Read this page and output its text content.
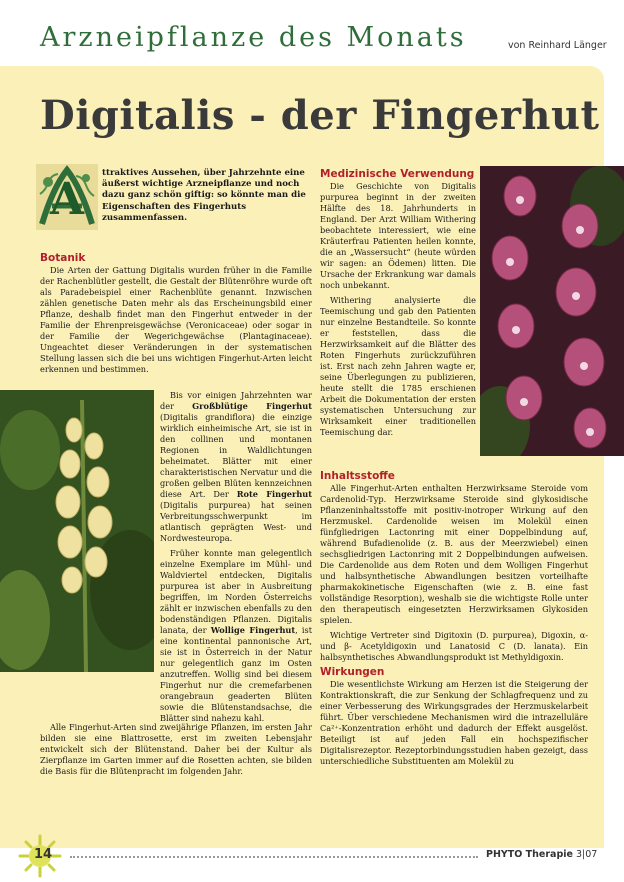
Arzneipflanze des Monats	von Reinhard Länger
Digitalis - der Fingerhut
A
ttraktives Aussehen, über Jahrzehnte eine äußerst wichtige Arzneipflanze und noch dazu ganz schön giftig: so könnte man die Eigenschaften des Fingerhuts zusammenfassen.
Botanik

Die Arten der Gattung Digitalis wurden früher in die Familie der Rachenblütler gestellt, die Gestalt der Blütenröhre wurde oft als Paradebeispiel einer Rachenblüte genannt. Inzwischen zählen genetische Daten mehr als das Erscheinungsbild einer Pflanze, deshalb findet man den Fingerhut entweder in der Familie der Ehrenpreisgewächse (Veronicaceae) oder sogar in der Familie der Wegerichgewächse (Plantaginaceae). Ungeachtet dieser Veränderungen in der systematischen Stellung lassen sich die bei uns wichtigen Fingerhut-Arten leicht erkennen und bestimmen.

Bis vor einigen Jahrzehnten war der Großblütige Fingerhut (Digitalis grandiflora) die einzige wirklich einheimische Art, sie ist in den collinen und montanen Regionen in Waldlichtungen beheimatet. Blätter mit einer charakteristischen Nervatur und die großen gelben Blüten kennzeichnen diese Art. Der Rote Fingerhut (Digitalis purpurea) hat seinen Verbreitungsschwerpunkt im atlantisch geprägten West- und Nordwesteuropa.

Früher konnte man gelegentlich einzelne Exemplare im Mühl- und Waldviertel entdecken, Digitalis purpurea ist aber in Ausbreitung begriffen, im Norden Österreichs zählt er inzwischen ebenfalls zu den bodenständigen Pflanzen. Digitalis lanata, der Wollige Fingerhut, ist eine kontinental pannonische Art, sie ist in Österreich in der Natur nur gelegentlich ganz im Osten anzutreffen. Wollig sind bei diesem Fingerhut nur die cremefarbenen orangebraun geaderten Blüten sowie die Blütenstandsachse, die Blätter sind nahezu kahl.

Alle Fingerhut-Arten sind zweijährige Pflanzen, im ersten Jahr bilden sie eine Blattrosette, erst im zweiten Lebensjahr entwickelt sich der Blütenstand. Daher bei der Kultur als Zierpflanze im Garten immer auf die Rosetten achten, sie bilden die Basis für die Blütenpracht im folgenden Jahr.

Medizinische Verwendung

Die Geschichte von Digitalis purpurea beginnt in der zweiten Hälfte des 18. Jahrhunderts in England. Der Arzt William Withering beobachtete interessiert, wie eine Kräuterfrau Patienten heilen konnte, die an „Wassersucht“ (heute würden wir sagen: an Ödemen) litten. Die Ursache der Erkrankung war damals noch unbekannt.

Withering analysierte die Teemischung und gab den Patienten nur einzelne Bestandteile. So konnte er feststellen, dass die Herzwirksamkeit auf die Blätter des Roten Fingerhuts zurückzuführen ist. Erst nach zehn Jahren wagte er, seine Überlegungen zu publizieren, heute stellt die 1785 erschienen Arbeit die Dokumentation der ersten systematischen Untersuchung zur Wirksamkeit einer traditionellen Teemischung dar.

Inhaltsstoffe

Alle Fingerhut-Arten enthalten Herzwirksame Steroide vom Cardenolid-Typ. Herzwirksame Steroide sind glykosidische Pflanzeninhaltsstoffe mit positiv-inotroper Wirkung auf den Herzmuskel. Cardenolide weisen im Molekül einen fünfgliedrigen Lactonring mit einer Doppelbindung auf, während Bufadienolide (z. B. aus der Meerzwiebel) einen sechsgliedrigen Lactonring mit 2 Doppelbindungen aufweisen. Die Cardenolide aus dem Roten und dem Wolligen Fingerhut und halbsynthetische Abwandlungen besitzen vorteilhafte pharmakokinetische Eigenschaften (wie z. B. eine fast vollständige Resorption), weshalb sie die wichtigste Rolle unter den therapeutisch eingesetzten Herzwirksamen Glykosiden spielen.

Wichtige Vertreter sind Digitoxin (D. purpurea), Digoxin, α- und β- Acetyldigoxin und Lanatosid C (D. lanata). Ein halbsynthetisches Abwandlungsprodukt ist Methyldigoxin.

Wirkungen

Die wesentlichste Wirkung am Herzen ist die Steigerung der Kontraktionskraft, die zur Senkung der Schlagfrequenz und zu einer Verbesserung des Wirkungsgrades der Herzmuskelarbeit führt. Über verschiedene Mechanismen wird die intrazelluläre Ca²⁺-Konzentration erhöht und dadurch der Effekt ausgelöst. Beteiligt ist auf jeden Fall ein hochspezifischer Digitalisrezeptor. Rezeptorbindungsstudien haben gezeigt, dass unterschiedliche Substituenten am Molekül zu

14	PHYTO Therapie 3|07
